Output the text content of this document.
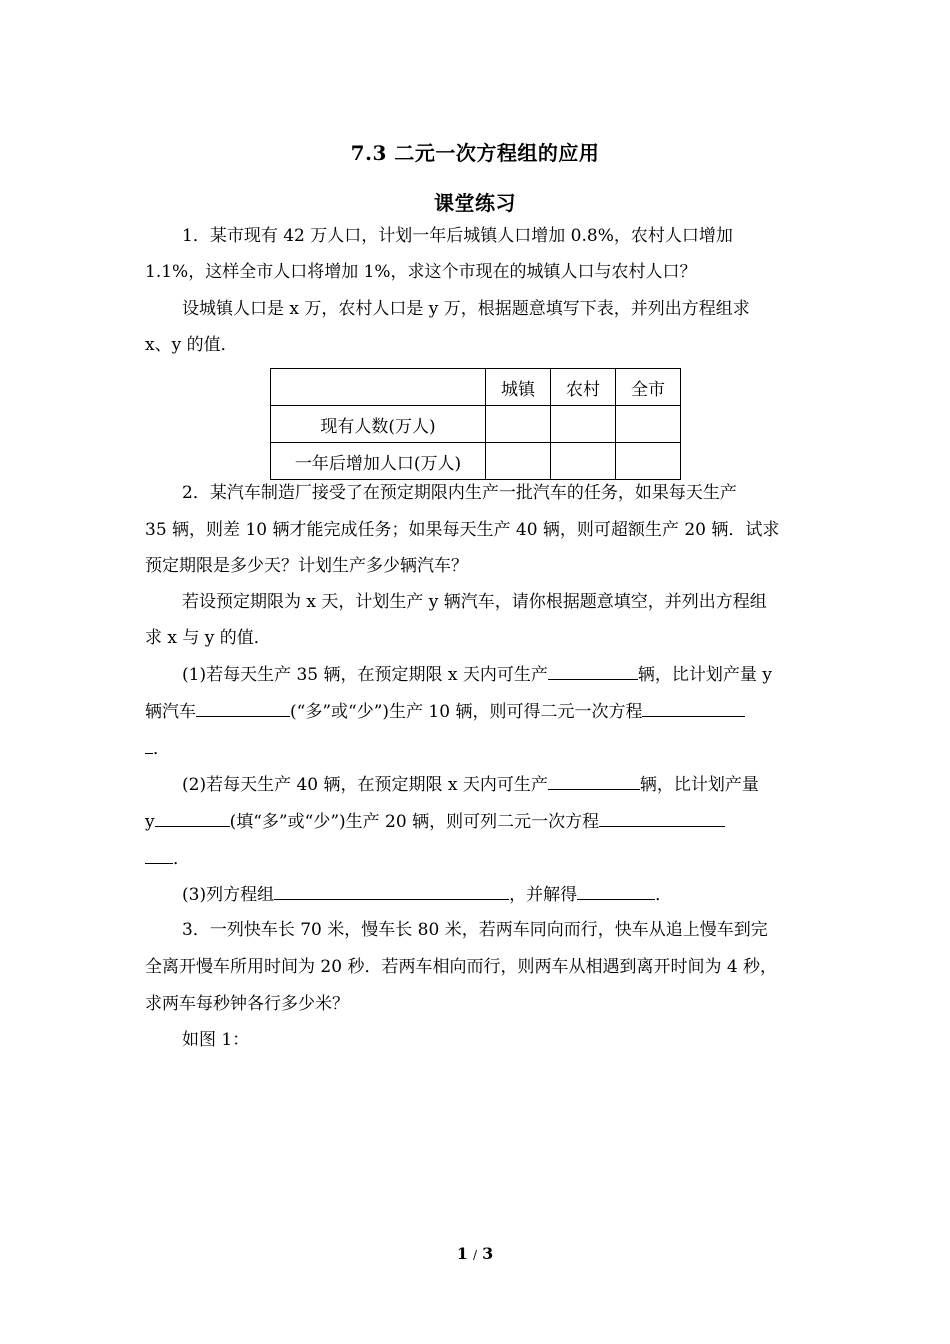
7.3 二元一次方程组的应用
课堂练习
1．某市现有 42 万人口，计划一年后城镇人口增加 0.8%，农村人口增加
1.1%，这样全市人口将增加 1%，求这个市现在的城镇人口与农村人口？
设城镇人口是 x 万，农村人口是 y 万，根据题意填写下表，并列出方程组求
x、y 的值．
	城镇	农村	全市
现有人数(万人)			
一年后增加人口(万人)			
2．某汽车制造厂接受了在预定期限内生产一批汽车的任务，如果每天生产
35 辆，则差 10 辆才能完成任务；如果每天生产 40 辆，则可超额生产 20 辆．试求
预定期限是多少天？计划生产多少辆汽车？
若设预定期限为 x 天，计划生产 y 辆汽车，请你根据题意填空，并列出方程组
求 x 与 y 的值．
(1)若每天生产 35 辆，在预定期限 x 天内可生产	辆，比计划产量 y
辆汽车	(“多”或“少”)生产 10 辆，则可得二元一次方程
．
(2)若每天生产 40 辆，在预定期限 x 天内可生产	辆，比计划产量
y	(填“多”或“少”)生产 20 辆，则可列二元一次方程
．
(3)列方程组	，并解得	．
3．一列快车长 70 米，慢车长 80 米，若两车同向而行，快车从追上慢车到完
全离开慢车所用时间为 20 秒．若两车相向而行，则两车从相遇到离开时间为 4 秒，
求两车每秒钟各行多少米？
如图 1：
1 / 3
